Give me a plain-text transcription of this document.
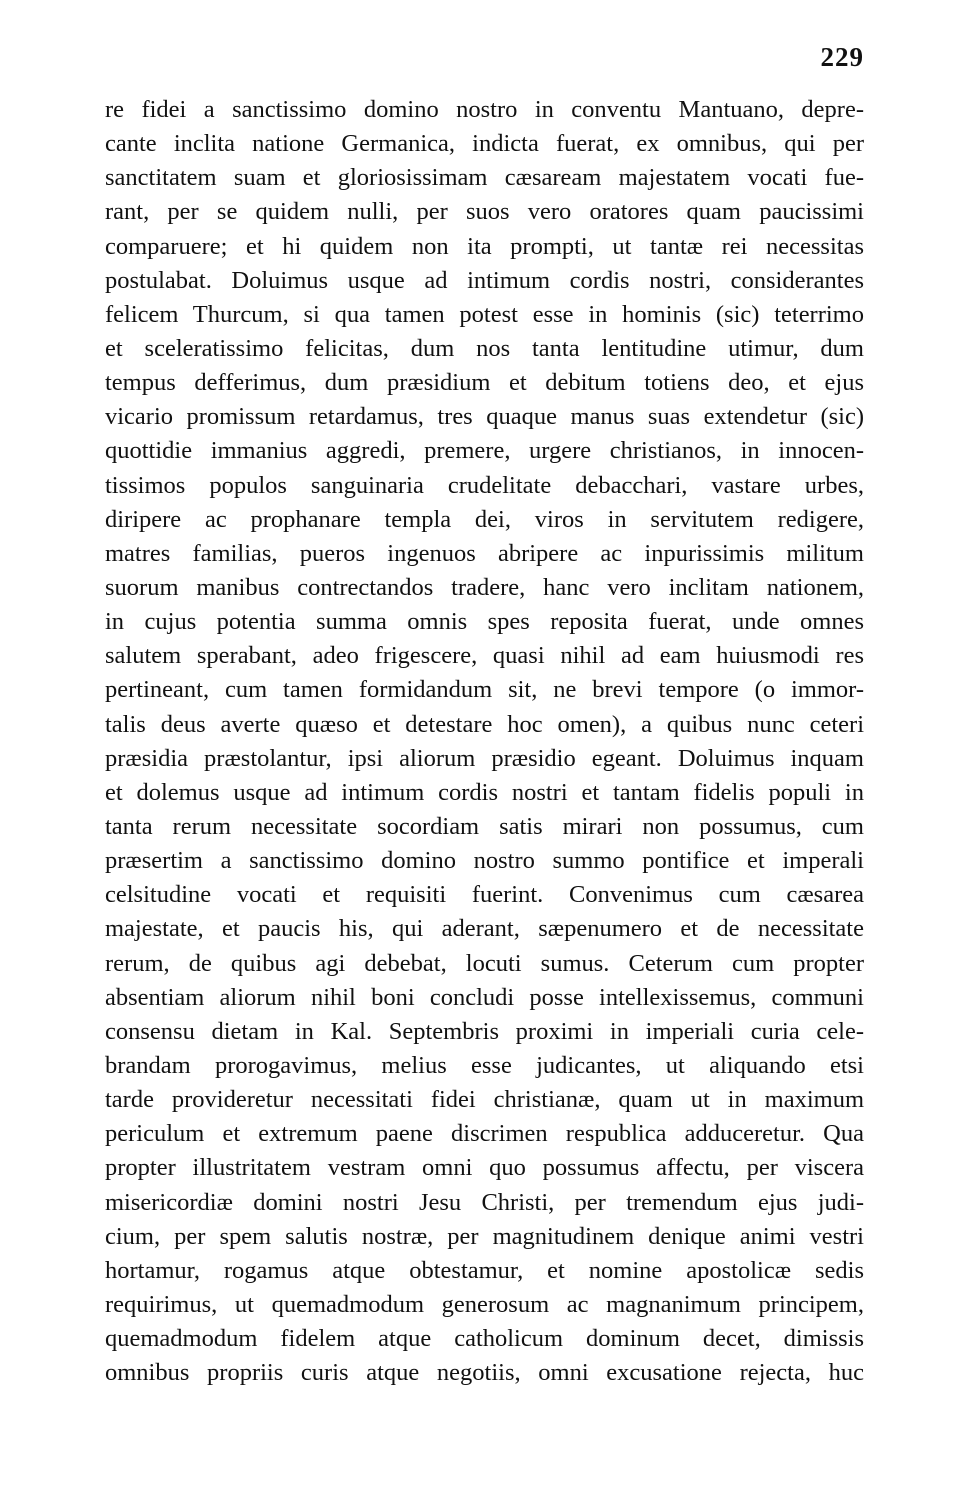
229
re fidei a sanctissimo domino nostro in conventu Mantuano, depre-
cante inclita natione Germanica, indicta fuerat, ex omnibus, qui per
sanctitatem suam et gloriosissimam cæsaream majestatem vocati fue-
rant, per se quidem nulli, per suos vero oratores quam paucissimi
comparuere; et hi quidem non ita prompti, ut tantæ rei necessitas
postulabat. Doluimus usque ad intimum cordis nostri, considerantes
felicem Thurcum, si qua tamen potest esse in hominis (sic) teterrimo
et sceleratissimo felicitas, dum nos tanta lentitudine utimur, dum
tempus defferimus, dum præsidium et debitum totiens deo, et ejus
vicario promissum retardamus, tres quaque manus suas extendetur (sic)
quottidie immanius aggredi, premere, urgere christianos, in innocen-
tissimos populos sanguinaria crudelitate debacchari, vastare urbes,
diripere ac prophanare templa dei, viros in servitutem redigere,
matres familias, pueros ingenuos abripere ac inpurissimis militum
suorum manibus contrectandos tradere, hanc vero inclitam nationem,
in cujus potentia summa omnis spes reposita fuerat, unde omnes
salutem sperabant, adeo frigescere, quasi nihil ad eam huiusmodi res
pertineant, cum tamen formidandum sit, ne brevi tempore (o immor-
talis deus averte quæso et detestare hoc omen), a quibus nunc ceteri
præsidia præstolantur, ipsi aliorum præsidio egeant. Doluimus inquam
et dolemus usque ad intimum cordis nostri et tantam fidelis populi in
tanta rerum necessitate socordiam satis mirari non possumus, cum
præsertim a sanctissimo domino nostro summo pontifice et imperali
celsitudine vocati et requisiti fuerint. Convenimus cum cæsarea
majestate, et paucis his, qui aderant, sæpenumero et de necessitate
rerum, de quibus agi debebat, locuti sumus. Ceterum cum propter
absentiam aliorum nihil boni concludi posse intellexissemus, communi
consensu dietam in Kal. Septembris proximi in imperiali curia cele-
brandam prorogavimus, melius esse judicantes, ut aliquando etsi
tarde provideretur necessitati fidei christianæ, quam ut in maximum
periculum et extremum paene discrimen respublica adduceretur. Qua
propter illustritatem vestram omni quo possumus affectu, per viscera
misericordiæ domini nostri Jesu Christi, per tremendum ejus judi-
cium, per spem salutis nostræ, per magnitudinem denique animi vestri
hortamur, rogamus atque obtestamur, et nomine apostolicæ sedis
requirimus, ut quemadmodum generosum ac magnanimum principem,
quemadmodum fidelem atque catholicum dominum decet, dimissis
omnibus propriis curis atque negotiis, omni excusatione rejecta, huc
